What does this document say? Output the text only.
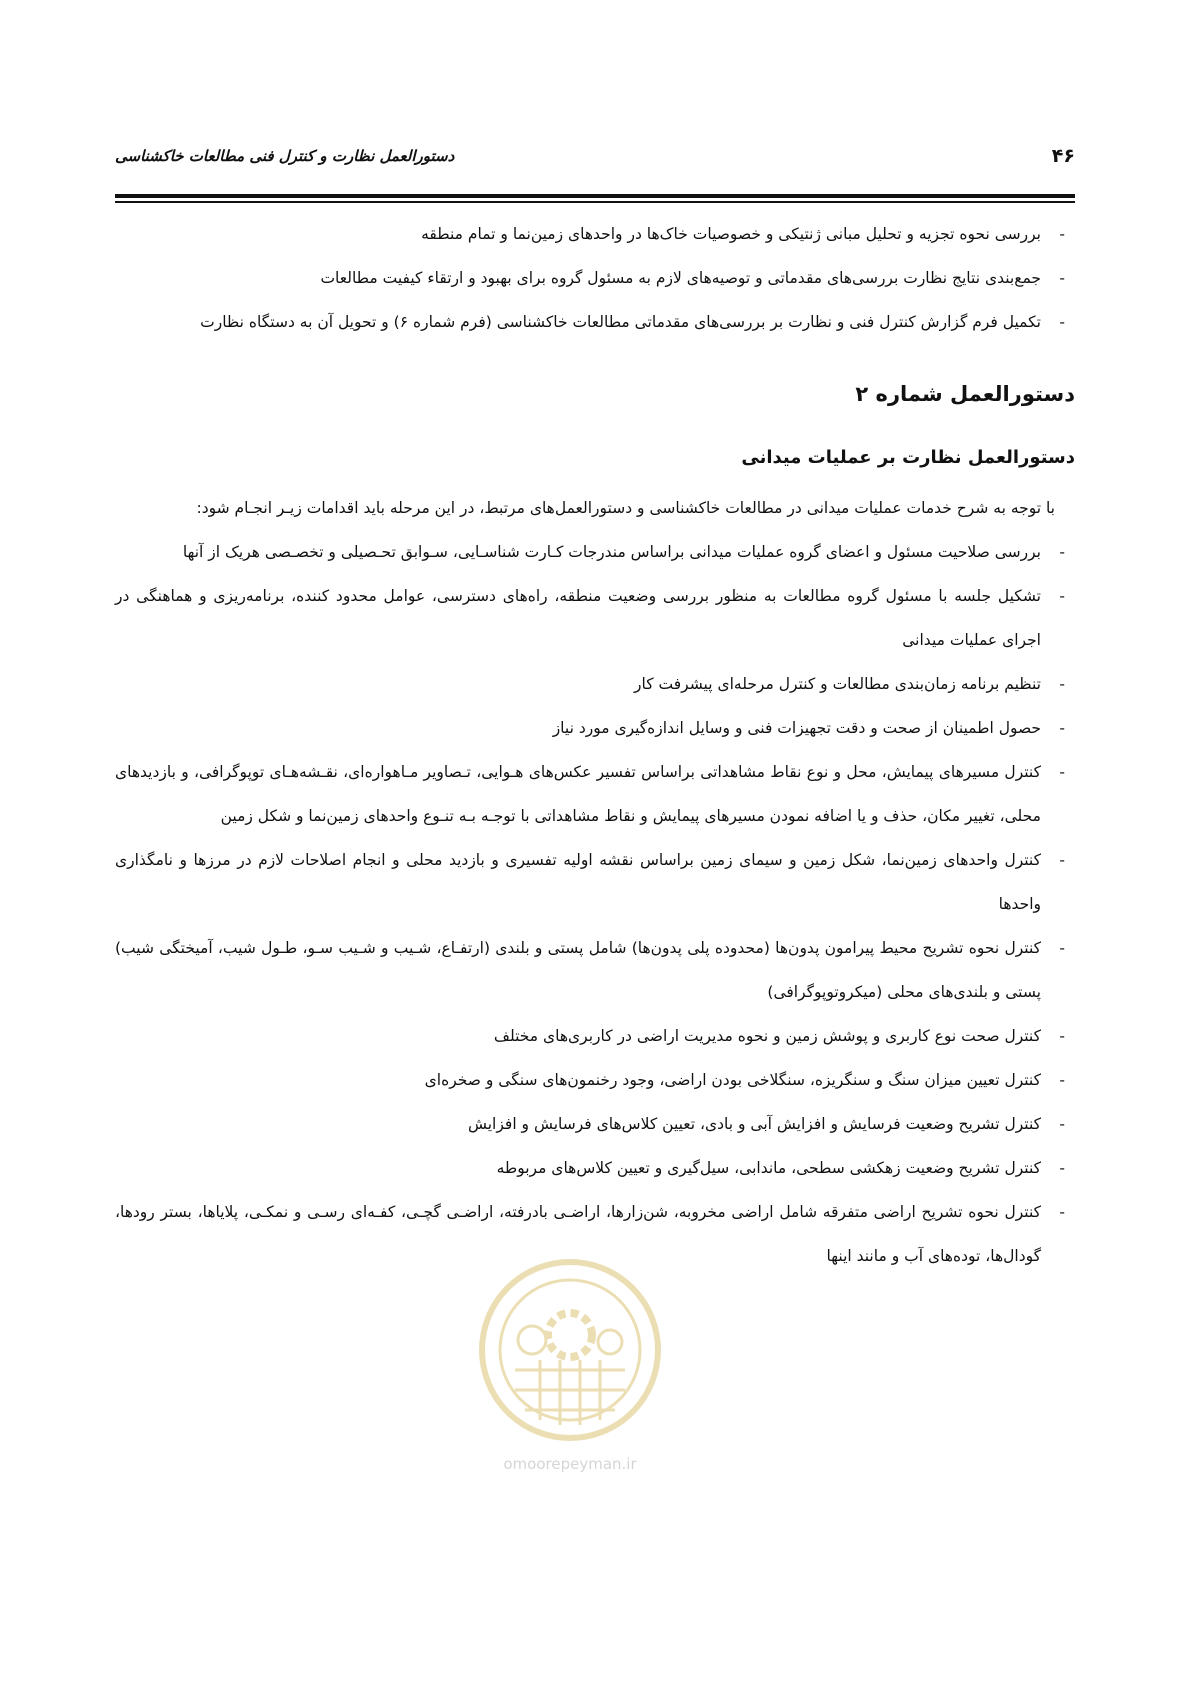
۴۶
دستورالعمل نظارت و کنترل فنی مطالعات خاکشناسی
- بررسی نحوه تجزیه و تحلیل مبانی ژنتیکی و خصوصیات خاک‌ها در واحدهای زمین‌نما و تمام منطقه
- جمع‌بندی نتایج نظارت بررسی‌های مقدماتی و توصیه‌های لازم به مسئول گروه برای بهبود و ارتقاء کیفیت مطالعات
- تکمیل فرم گزارش کنترل فنی و نظارت بر بررسی‌های مقدماتی مطالعات خاکشناسی (فرم شماره ۶) و تحویل آن به دستگاه نظارت
دستورالعمل شماره ۲
دستورالعمل نظارت بر عملیات میدانی

با توجه به شرح خدمات عملیات میدانی در مطالعات خاکشناسی و دستورالعمل‌های مرتبط، در این مرحله باید اقدامات زیـر انجـام شود:

- بررسی صلاحیت مسئول و اعضای گروه عملیات میدانی براساس مندرجات کـارت شناسـایی، سـوابق تحـصیلی و تخصـصی هریک از آنها
- تشکیل جلسه با مسئول گروه مطالعات به منظور بررسی وضعیت منطقه، راه‌های دسترسی، عوامل محدود کننده، برنامه‌ریزی و هماهنگی در اجرای عملیات میدانی
- تنظیم برنامه زمان‌بندی مطالعات و کنترل مرحله‌ای پیشرفت کار
- حصول اطمینان از صحت و دقت تجهیزات فنی و وسایل اندازه‌گیری مورد نیاز
- کنترل مسیرهای پیمایش، محل و نوع نقاط مشاهداتی براساس تفسیر عکس‌های هـوایی، تـصاویر مـاهواره‌ای، نقـشه‌هـای توپوگرافی، و بازدیدهای محلی، تغییر مکان، حذف و یا اضافه نمودن مسیرهای پیمایش و نقاط مشاهداتی با توجـه بـه تنـوع واحدهای زمین‌نما و شکل زمین
- کنترل واحدهای زمین‌نما، شکل زمین و سیمای زمین براساس نقشه اولیه تفسیری و بازدید محلی و انجام اصلاحات لازم در مرزها و نامگذاری واحدها
- کنترل نحوه تشریح محیط پیرامون پدون‌ها (محدوده پلی پدون‌ها) شامل پستی و بلندی (ارتفـاع، شـیب و شـیب سـو، طـول شیب، آمیختگی شیب) پستی و بلندی‌های محلی (میکروتوپوگرافی)
- کنترل صحت نوع کاربری و پوشش زمین و نحوه مدیریت اراضی در کاربری‌های مختلف
- کنترل تعیین میزان سنگ و سنگریزه، سنگلاخی بودن اراضی، وجود رخنمون‌های سنگی و صخره‌ای
- کنترل تشریح وضعیت فرسایش و افزایش آبی و بادی، تعیین کلاس‌های فرسایش و افزایش
- کنترل تشریح وضعیت زهکشی سطحی، ماندابی، سیل‌گیری و تعیین کلاس‌های مربوطه
- کنترل نحوه تشریح اراضی متفرقه شامل اراضی مخروبه، شن‌زارها، اراضـی بادرفته، اراضـی گچـی، کفـه‌ای رسـی و نمکـی، پلایاها، بستر رودها، گودال‌ها، توده‌های آب و مانند اینها
omoorepeyman.ir
